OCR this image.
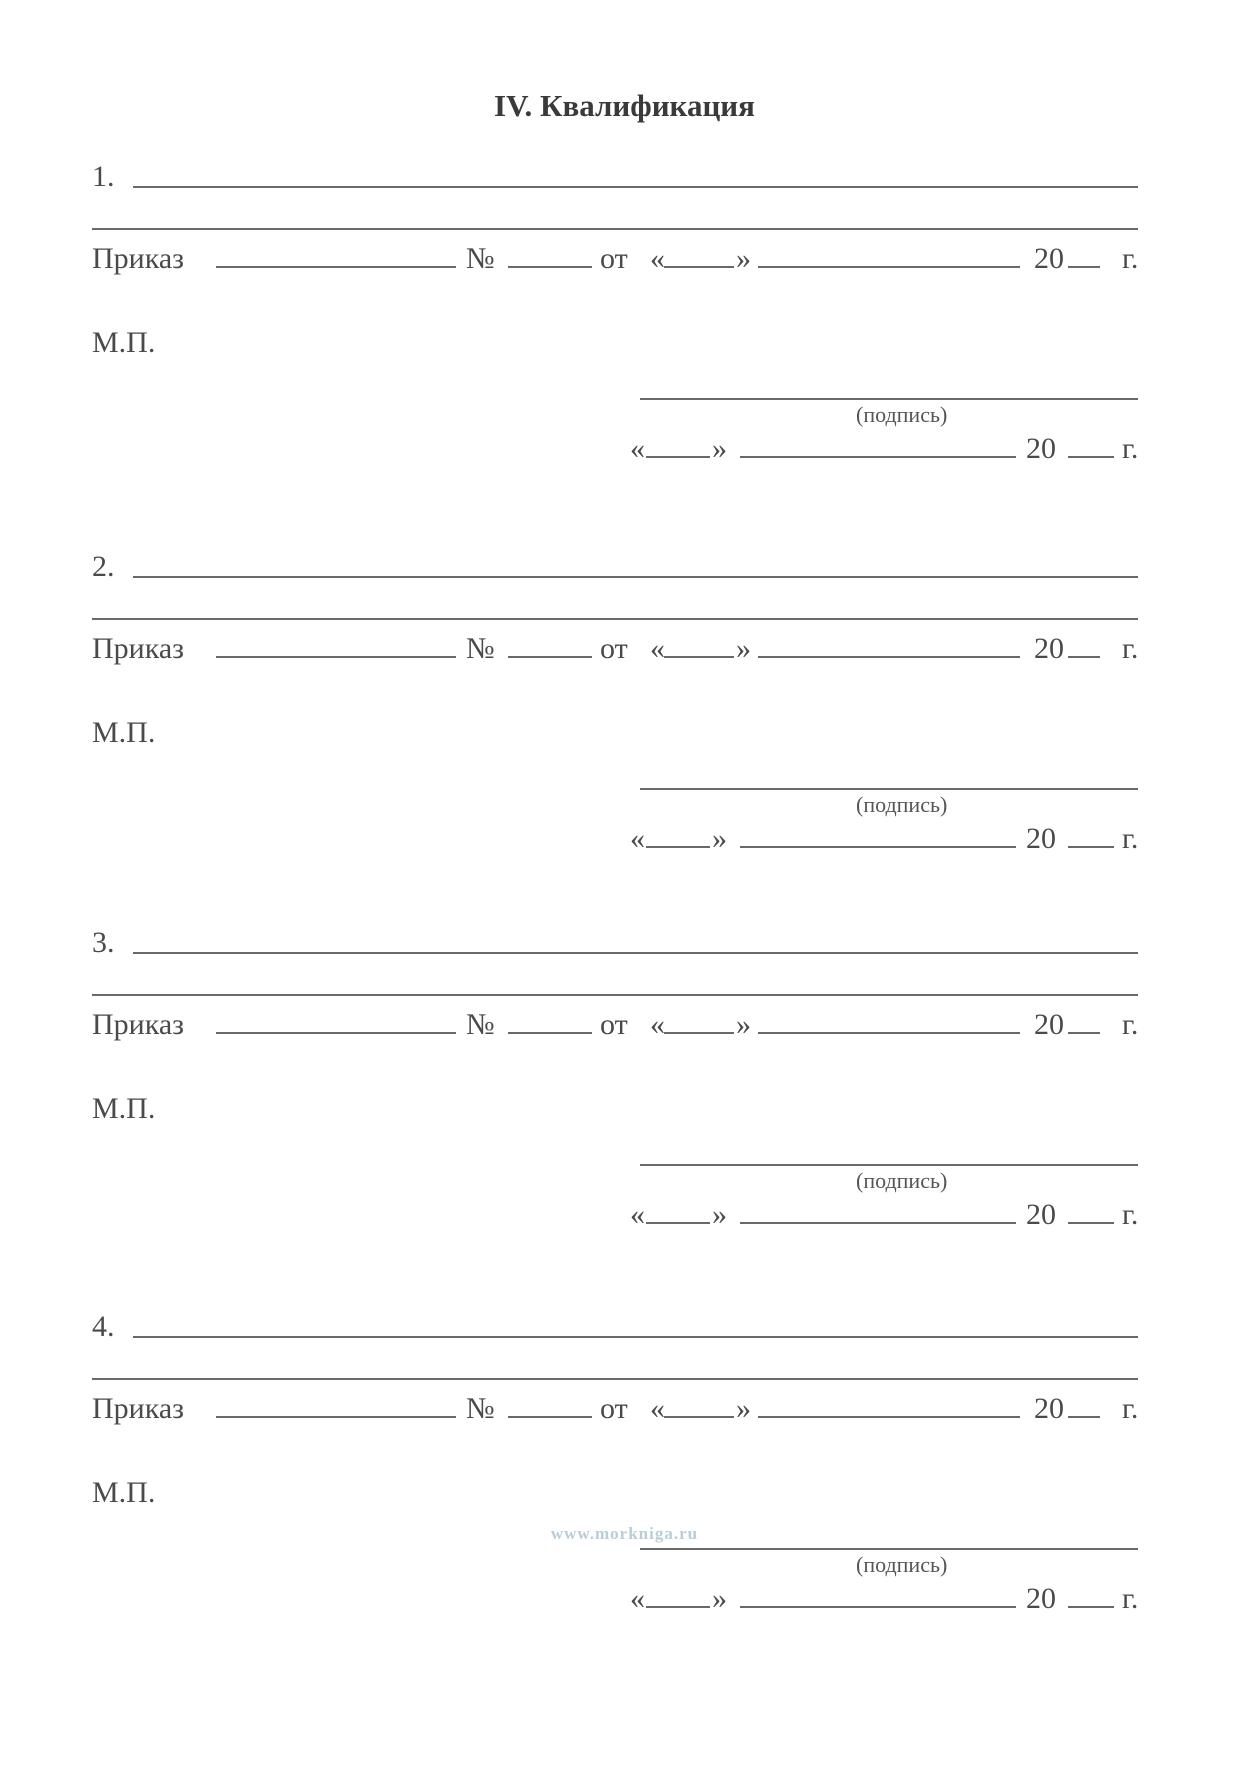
IV. Квалификация
1.
Приказ	№	от « »	20 г.
М.П.
(подпись)
« »	20 г.
2.
Приказ	№	от « »	20 г.
М.П.
(подпись)
« »	20 г.
3.
Приказ	№	от « »	20 г.
М.П.
(подпись)
« »	20 г.
4.
Приказ	№	от « »	20 г.
М.П.
(подпись)
« »	20 г.
www.morkniga.ru
